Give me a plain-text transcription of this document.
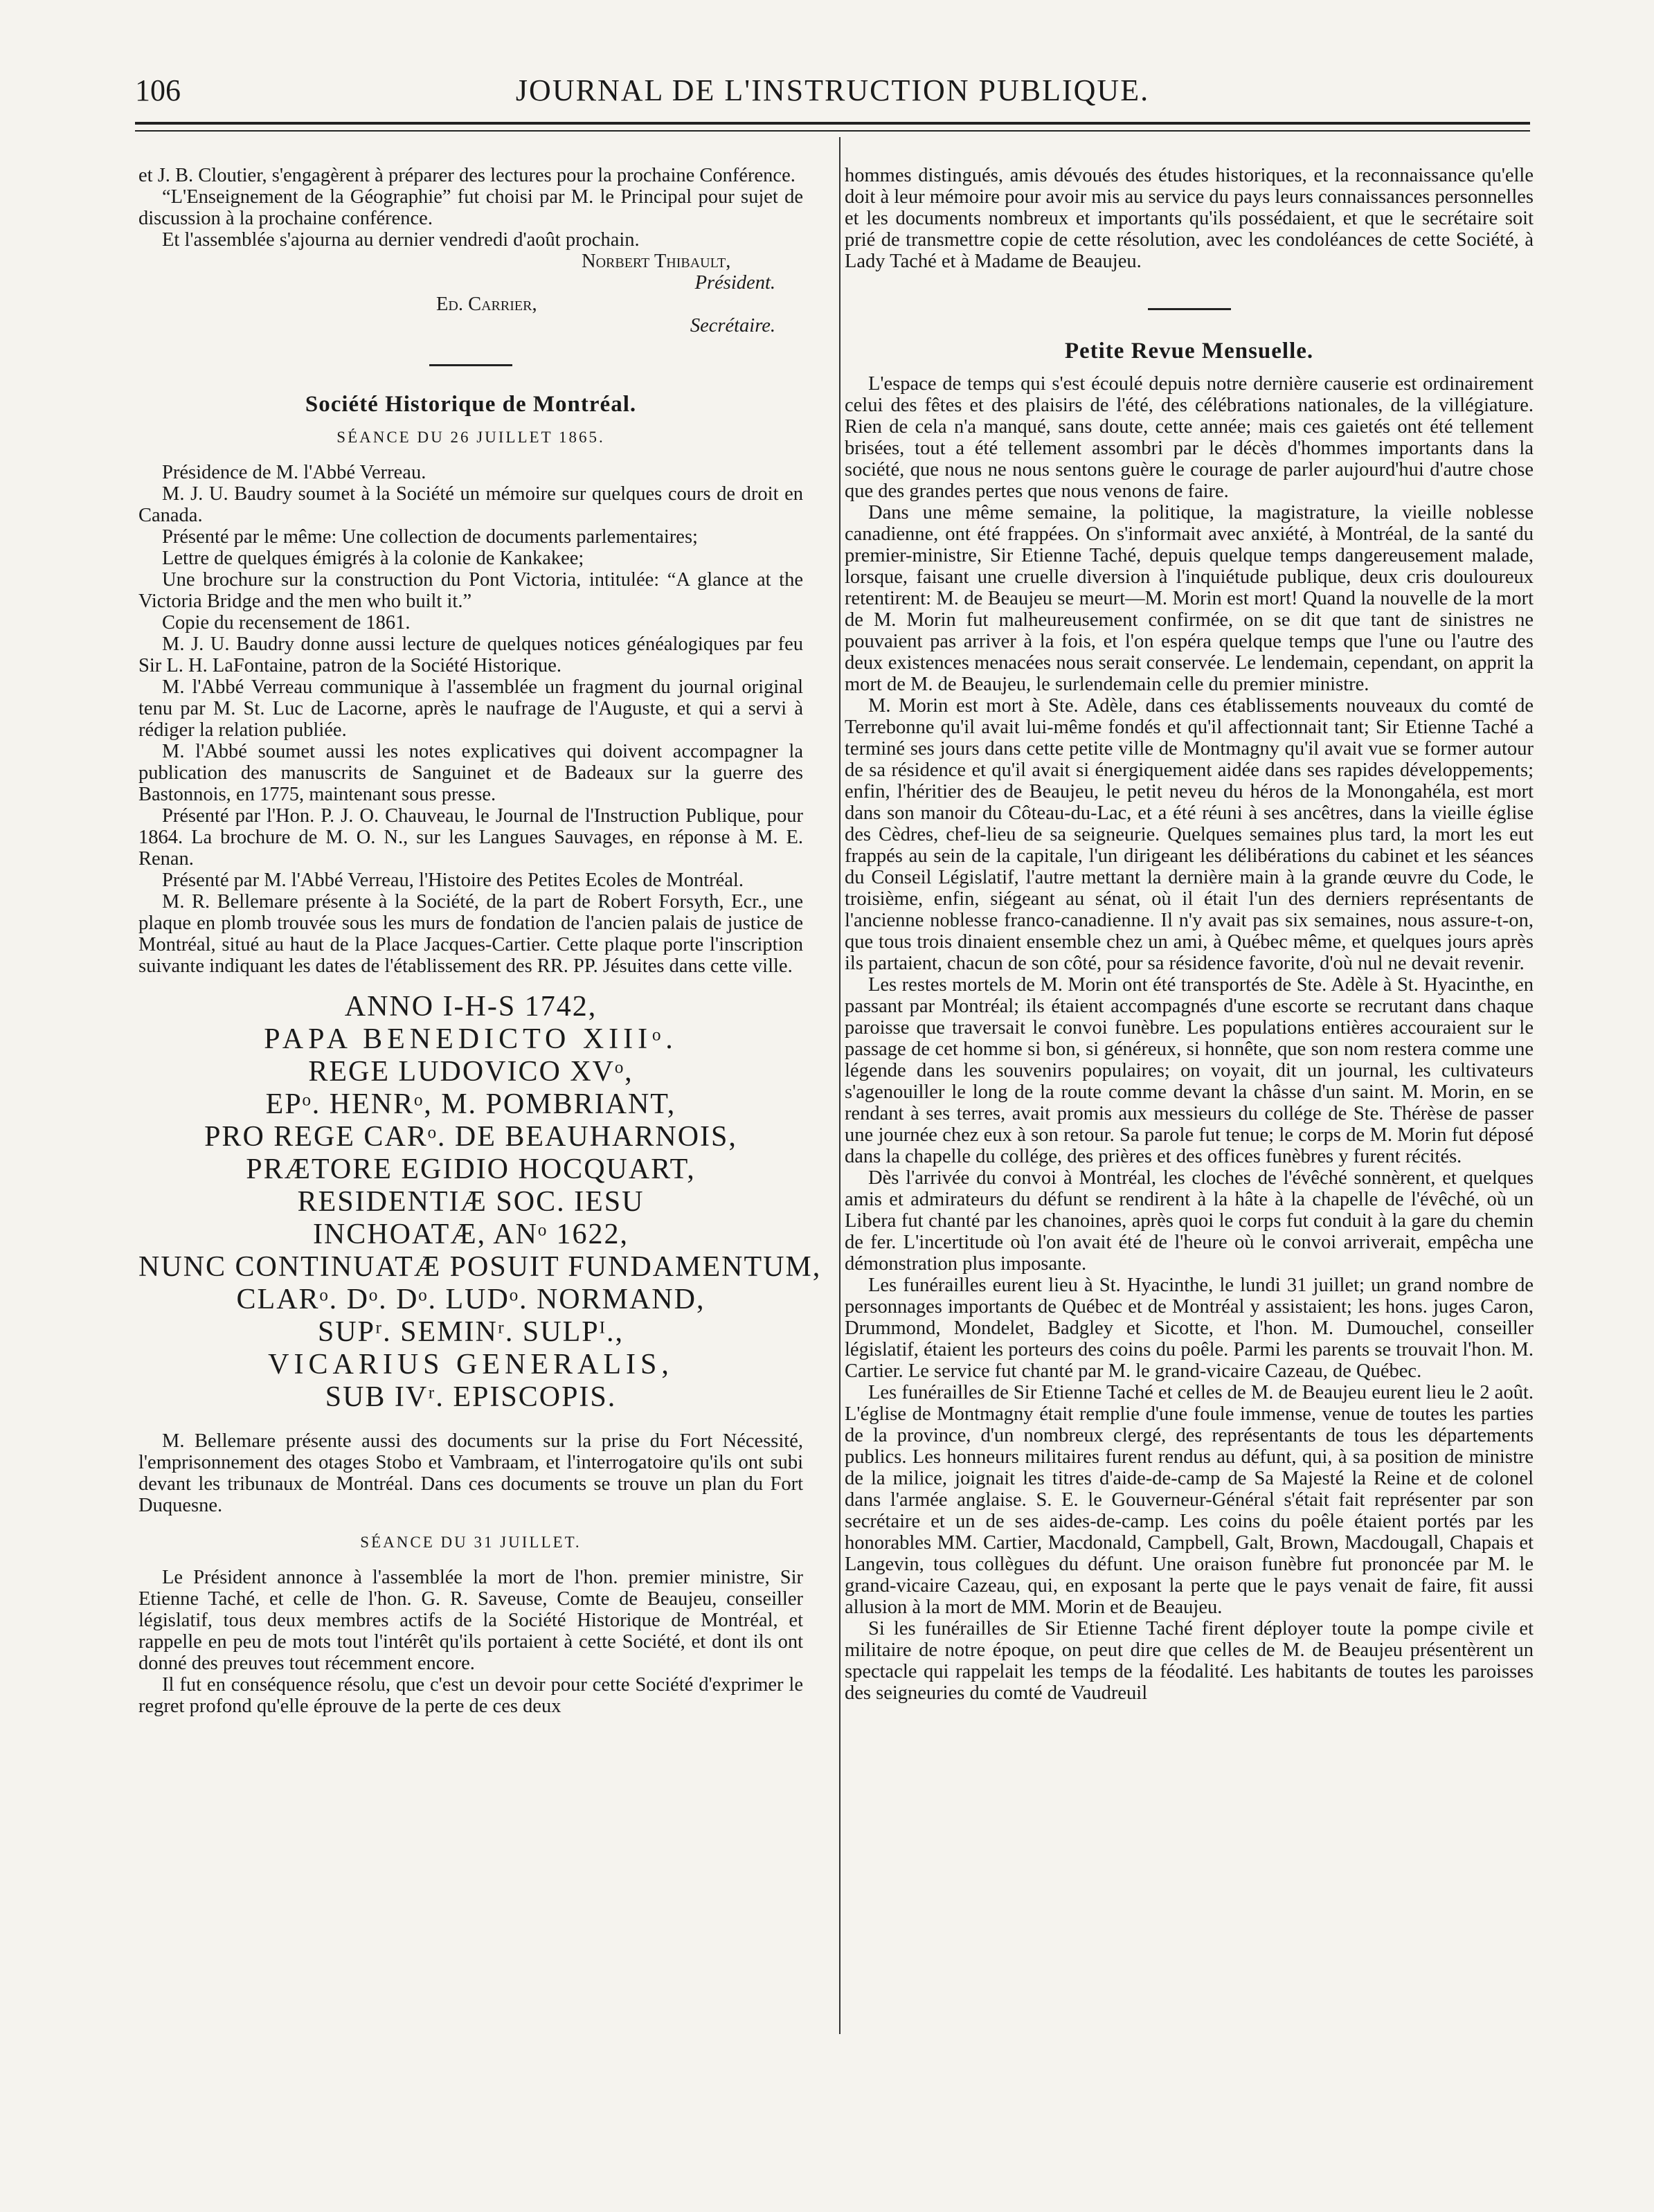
106	JOURNAL DE L'INSTRUCTION PUBLIQUE.

et J. B. Cloutier, s'engagèrent à préparer des lectures pour la prochaine Conférence.

“L'Enseignement de la Géographie” fut choisi par M. le Principal pour sujet de discussion à la prochaine conférence.

Et l'assemblée s'ajourna au dernier vendredi d'août prochain.

Norbert Thibault,
Président.
Ed. Carrier,
Secrétaire.
Société Historique de Montréal.
SÉANCE DU 26 JUILLET 1865.

Présidence de M. l'Abbé Verreau.

M. J. U. Baudry soumet à la Société un mémoire sur quelques cours de droit en Canada.

Présenté par le même: Une collection de documents parlementaires;

Lettre de quelques émigrés à la colonie de Kankakee;

Une brochure sur la construction du Pont Victoria, intitulée: “A glance at the Victoria Bridge and the men who built it.”

Copie du recensement de 1861.

M. J. U. Baudry donne aussi lecture de quelques notices généalogiques par feu Sir L. H. LaFontaine, patron de la Société Historique.

M. l'Abbé Verreau communique à l'assemblée un fragment du journal original tenu par M. St. Luc de Lacorne, après le naufrage de l'Auguste, et qui a servi à rédiger la relation publiée.

M. l'Abbé soumet aussi les notes explicatives qui doivent accompagner la publication des manuscrits de Sanguinet et de Badeaux sur la guerre des Bastonnois, en 1775, maintenant sous presse.

Présenté par l'Hon. P. J. O. Chauveau, le Journal de l'Instruction Publique, pour 1864. La brochure de M. O. N., sur les Langues Sauvages, en réponse à M. E. Renan.

Présenté par M. l'Abbé Verreau, l'Histoire des Petites Ecoles de Montréal.

M. R. Bellemare présente à la Société, de la part de Robert Forsyth, Ecr., une plaque en plomb trouvée sous les murs de fondation de l'ancien palais de justice de Montréal, situé au haut de la Place Jacques-Cartier. Cette plaque porte l'inscription suivante indiquant les dates de l'établissement des RR. PP. Jésuites dans cette ville.

ANNO I-H-S 1742,
PAPA BENEDICTO XIIIᵒ.
REGE LUDOVICO XVᵒ,
EPᵒ. HENRᵒ, M. POMBRIANT,
PRO REGE CARᵒ. DE BEAUHARNOIS,
PRÆTORE EGIDIO HOCQUART,
RESIDENTIÆ SOC. IESU
INCHOATÆ, ANᵒ 1622,
NUNC CONTINUATÆ POSUIT FUNDAMENTUM,
CLARᵒ. Dᵒ. Dᵒ. LUDᵒ. NORMAND,
SUPʳ. SEMINʳ. SULPᴵ.,
VICARIUS GENERALIS,
SUB IVʳ. EPISCOPIS.

M. Bellemare présente aussi des documents sur la prise du Fort Nécessité, l'emprisonnement des otages Stobo et Vambraam, et l'interrogatoire qu'ils ont subi devant les tribunaux de Montréal. Dans ces documents se trouve un plan du Fort Duquesne.

SÉANCE DU 31 JUILLET.

Le Président annonce à l'assemblée la mort de l'hon. premier ministre, Sir Etienne Taché, et celle de l'hon. G. R. Saveuse, Comte de Beaujeu, conseiller législatif, tous deux membres actifs de la Société Historique de Montréal, et rappelle en peu de mots tout l'intérêt qu'ils portaient à cette Société, et dont ils ont donné des preuves tout récemment encore.

Il fut en conséquence résolu, que c'est un devoir pour cette Société d'exprimer le regret profond qu'elle éprouve de la perte de ces deux

hommes distingués, amis dévoués des études historiques, et la reconnaissance qu'elle doit à leur mémoire pour avoir mis au service du pays leurs connaissances personnelles et les documents nombreux et importants qu'ils possédaient, et que le secrétaire soit prié de transmettre copie de cette résolution, avec les condoléances de cette Société, à Lady Taché et à Madame de Beaujeu.

Petite Revue Mensuelle.

L'espace de temps qui s'est écoulé depuis notre dernière causerie est ordinairement celui des fêtes et des plaisirs de l'été, des célébrations nationales, de la villégiature. Rien de cela n'a manqué, sans doute, cette année; mais ces gaietés ont été tellement brisées, tout a été tellement assombri par le décès d'hommes importants dans la société, que nous ne nous sentons guère le courage de parler aujourd'hui d'autre chose que des grandes pertes que nous venons de faire.

Dans une même semaine, la politique, la magistrature, la vieille noblesse canadienne, ont été frappées. On s'informait avec anxiété, à Montréal, de la santé du premier-ministre, Sir Etienne Taché, depuis quelque temps dangereusement malade, lorsque, faisant une cruelle diversion à l'inquiétude publique, deux cris douloureux retentirent: M. de Beaujeu se meurt—M. Morin est mort! Quand la nouvelle de la mort de M. Morin fut malheureusement confirmée, on se dit que tant de sinistres ne pouvaient pas arriver à la fois, et l'on espéra quelque temps que l'une ou l'autre des deux existences menacées nous serait conservée. Le lendemain, cependant, on apprit la mort de M. de Beaujeu, le surlendemain celle du premier ministre.

M. Morin est mort à Ste. Adèle, dans ces établissements nouveaux du comté de Terrebonne qu'il avait lui-même fondés et qu'il affectionnait tant; Sir Etienne Taché a terminé ses jours dans cette petite ville de Montmagny qu'il avait vue se former autour de sa résidence et qu'il avait si énergiquement aidée dans ses rapides développements; enfin, l'héritier des de Beaujeu, le petit neveu du héros de la Monongahéla, est mort dans son manoir du Côteau-du-Lac, et a été réuni à ses ancêtres, dans la vieille église des Cèdres, chef-lieu de sa seigneurie. Quelques semaines plus tard, la mort les eut frappés au sein de la capitale, l'un dirigeant les délibérations du cabinet et les séances du Conseil Législatif, l'autre mettant la dernière main à la grande œuvre du Code, le troisième, enfin, siégeant au sénat, où il était l'un des derniers représentants de l'ancienne noblesse franco-canadienne. Il n'y avait pas six semaines, nous assure-t-on, que tous trois dinaient ensemble chez un ami, à Québec même, et quelques jours après ils partaient, chacun de son côté, pour sa résidence favorite, d'où nul ne devait revenir.

Les restes mortels de M. Morin ont été transportés de Ste. Adèle à St. Hyacinthe, en passant par Montréal; ils étaient accompagnés d'une escorte se recrutant dans chaque paroisse que traversait le convoi funèbre. Les populations entières accouraient sur le passage de cet homme si bon, si généreux, si honnête, que son nom restera comme une légende dans les souvenirs populaires; on voyait, dit un journal, les cultivateurs s'agenouiller le long de la route comme devant la châsse d'un saint. M. Morin, en se rendant à ses terres, avait promis aux messieurs du collége de Ste. Thérèse de passer une journée chez eux à son retour. Sa parole fut tenue; le corps de M. Morin fut déposé dans la chapelle du collége, des prières et des offices funèbres y furent récités.

Dès l'arrivée du convoi à Montréal, les cloches de l'évêché sonnèrent, et quelques amis et admirateurs du défunt se rendirent à la hâte à la chapelle de l'évêché, où un Libera fut chanté par les chanoines, après quoi le corps fut conduit à la gare du chemin de fer. L'incertitude où l'on avait été de l'heure où le convoi arriverait, empêcha une démonstration plus imposante.

Les funérailles eurent lieu à St. Hyacinthe, le lundi 31 juillet; un grand nombre de personnages importants de Québec et de Montréal y assistaient; les hons. juges Caron, Drummond, Mondelet, Badgley et Sicotte, et l'hon. M. Dumouchel, conseiller législatif, étaient les porteurs des coins du poêle. Parmi les parents se trouvait l'hon. M. Cartier. Le service fut chanté par M. le grand-vicaire Cazeau, de Québec.

Les funérailles de Sir Etienne Taché et celles de M. de Beaujeu eurent lieu le 2 août. L'église de Montmagny était remplie d'une foule immense, venue de toutes les parties de la province, d'un nombreux clergé, des représentants de tous les départements publics. Les honneurs militaires furent rendus au défunt, qui, à sa position de ministre de la milice, joignait les titres d'aide-de-camp de Sa Majesté la Reine et de colonel dans l'armée anglaise. S. E. le Gouverneur-Général s'était fait représenter par son secrétaire et un de ses aides-de-camp. Les coins du poêle étaient portés par les honorables MM. Cartier, Macdonald, Campbell, Galt, Brown, Macdougall, Chapais et Langevin, tous collègues du défunt. Une oraison funèbre fut prononcée par M. le grand-vicaire Cazeau, qui, en exposant la perte que le pays venait de faire, fit aussi allusion à la mort de MM. Morin et de Beaujeu.

Si les funérailles de Sir Etienne Taché firent déployer toute la pompe civile et militaire de notre époque, on peut dire que celles de M. de Beaujeu présentèrent un spectacle qui rappelait les temps de la féodalité. Les habitants de toutes les paroisses des seigneuries du comté de Vaudreuil
